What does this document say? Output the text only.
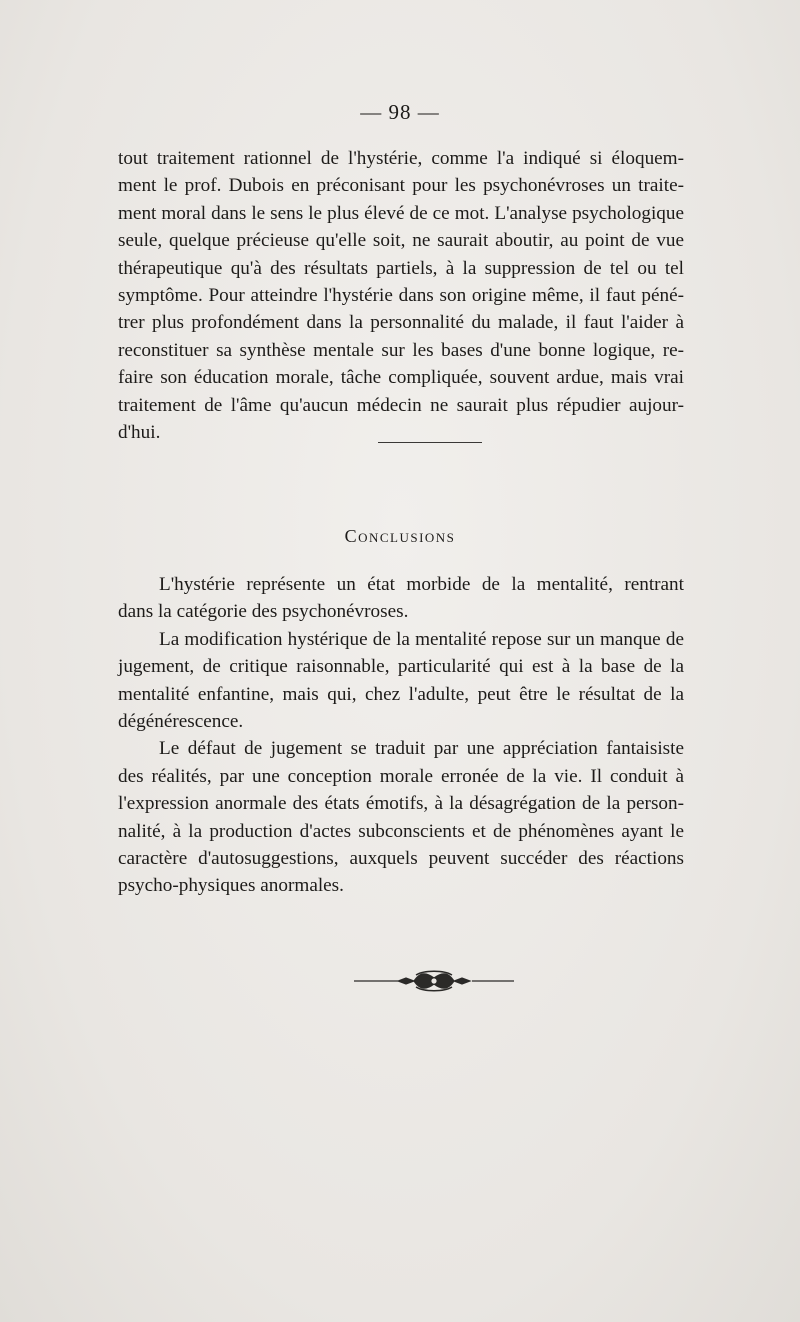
— 98 —
tout traitement rationnel de l'hystérie, comme l'a indiqué si éloquem-
ment le prof. Dubois en préconisant pour les psychonévroses un traite-
ment moral dans le sens le plus élevé de ce mot. L'analyse psychologique
seule, quelque précieuse qu'elle soit, ne saurait aboutir, au point de vue
thérapeutique qu'à des résultats partiels, à la suppression de tel ou tel
symptôme. Pour atteindre l'hystérie dans son origine même, il faut péné-
trer plus profondément dans la personnalité du malade, il faut l'aider à
reconstituer sa synthèse mentale sur les bases d'une bonne logique, re-
faire son éducation morale, tâche compliquée, souvent ardue, mais vrai
traitement de l'âme qu'aucun médecin ne saurait plus répudier aujour-
d'hui.
Conclusions
L'hystérie représente un état morbide de la mentalité, rentrant
dans la catégorie des psychonévroses.
La modification hystérique de la mentalité repose sur un manque de
jugement, de critique raisonnable, particularité qui est à la base de la
mentalité enfantine, mais qui, chez l'adulte, peut être le résultat de la
dégénérescence.
Le défaut de jugement se traduit par une appréciation fantaisiste
des réalités, par une conception morale erronée de la vie. Il conduit à
l'expression anormale des états émotifs, à la désagrégation de la person-
nalité, à la production d'actes subconscients et de phénomènes ayant le
caractère d'autosuggestions, auxquels peuvent succéder des réactions
psycho-physiques anormales.
